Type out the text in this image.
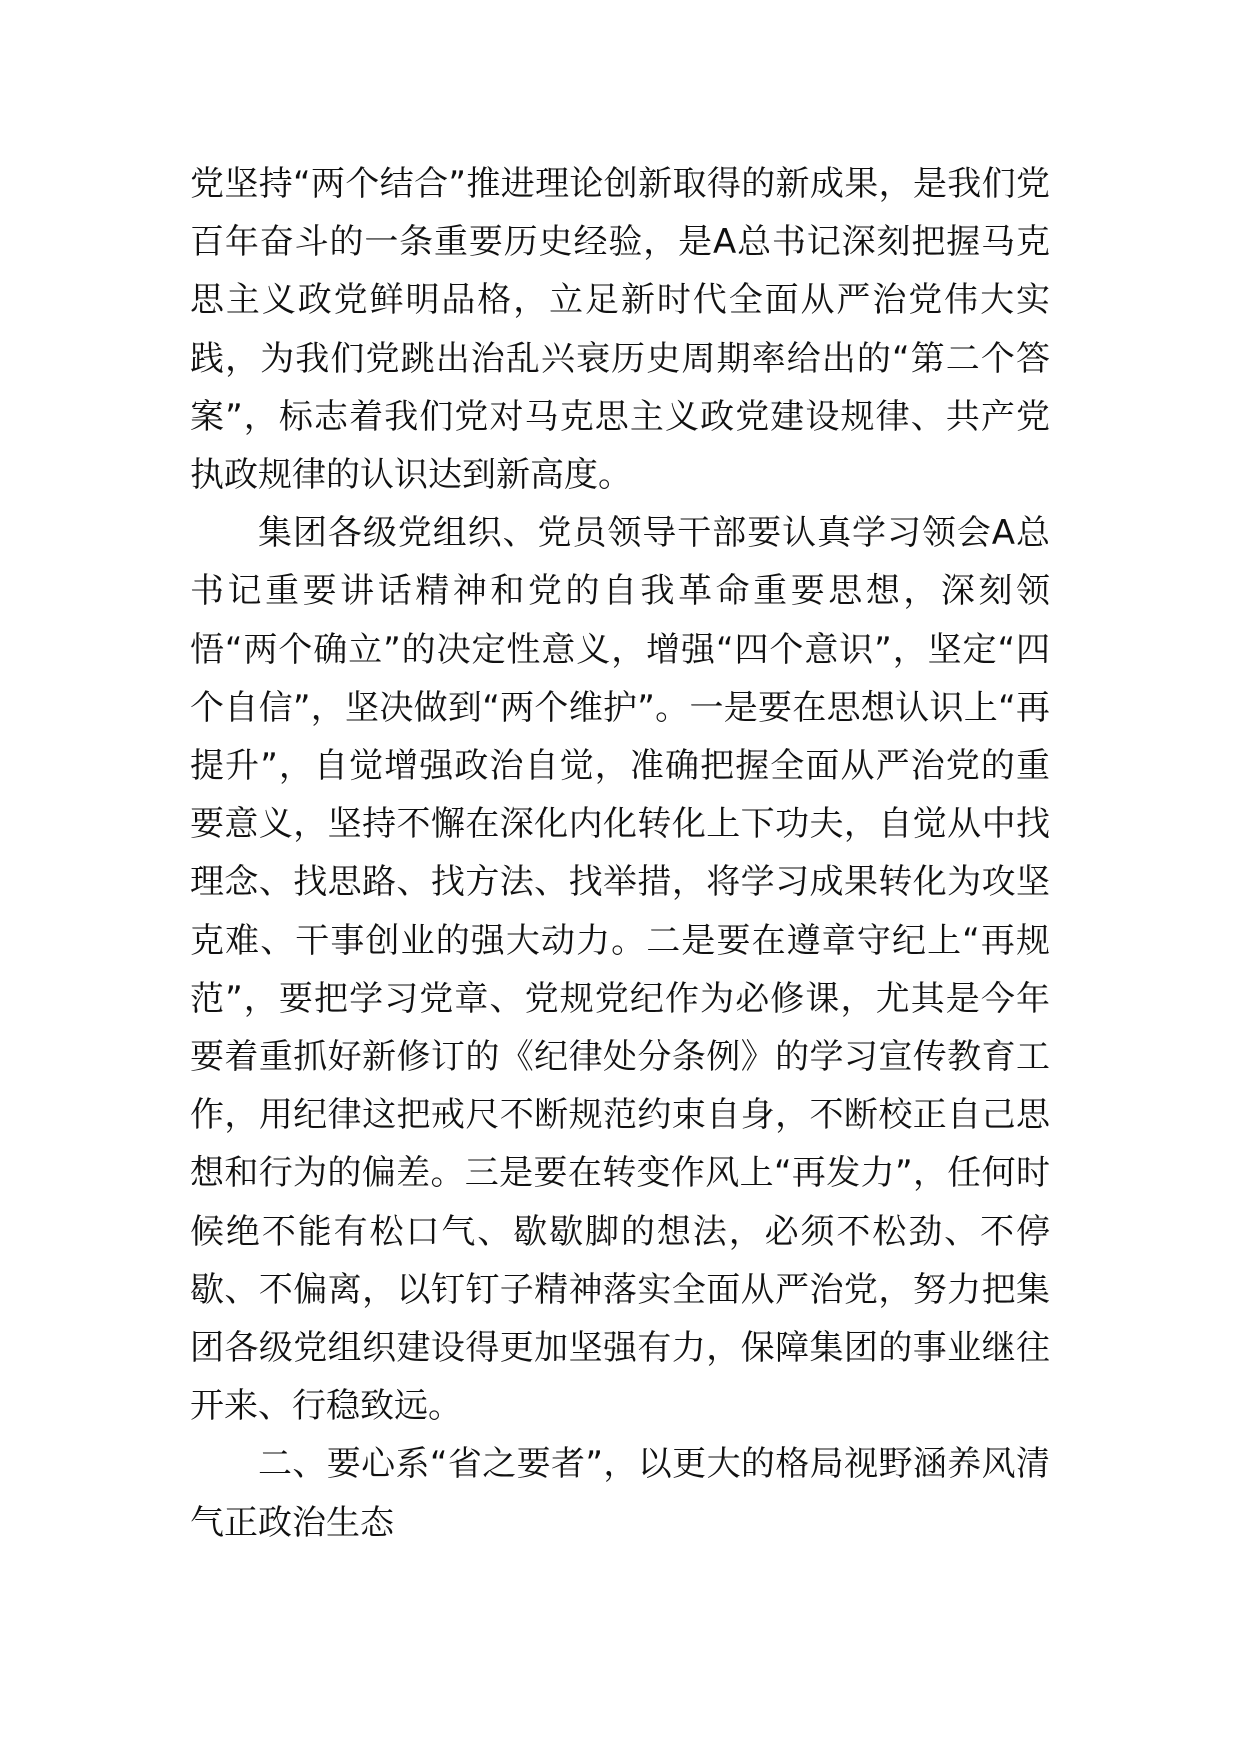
党坚持“两个结合”推进理论创新取得的新成果，是我们党百年奋斗的一条重要历史经验，是A总书记深刻把握马克思主义政党鲜明品格，立足新时代全面从严治党伟大实践，为我们党跳出治乱兴衰历史周期率给出的“第二个答案”，标志着我们党对马克思主义政党建设规律、共产党执政规律的认识达到新高度。

集团各级党组织、党员领导干部要认真学习领会A总书记重要讲话精神和党的自我革命重要思想，深刻领悟“两个确立”的决定性意义，增强“四个意识”，坚定“四个自信”，坚决做到“两个维护”。一是要在思想认识上“再提升”，自觉增强政治自觉，准确把握全面从严治党的重要意义，坚持不懈在深化内化转化上下功夫，自觉从中找理念、找思路、找方法、找举措，将学习成果转化为攻坚克难、干事创业的强大动力。二是要在遵章守纪上“再规范”，要把学习党章、党规党纪作为必修课，尤其是今年要着重抓好新修订的《纪律处分条例》的学习宣传教育工作，用纪律这把戒尺不断规范约束自身，不断校正自己思想和行为的偏差。三是要在转变作风上“再发力”，任何时候绝不能有松口气、歇歇脚的想法，必须不松劲、不停歇、不偏离，以钉钉子精神落实全面从严治党，努力把集团各级党组织建设得更加坚强有力，保障集团的事业继往开来、行稳致远。

二、要心系“省之要者”，以更大的格局视野涵养风清气正政治生态
